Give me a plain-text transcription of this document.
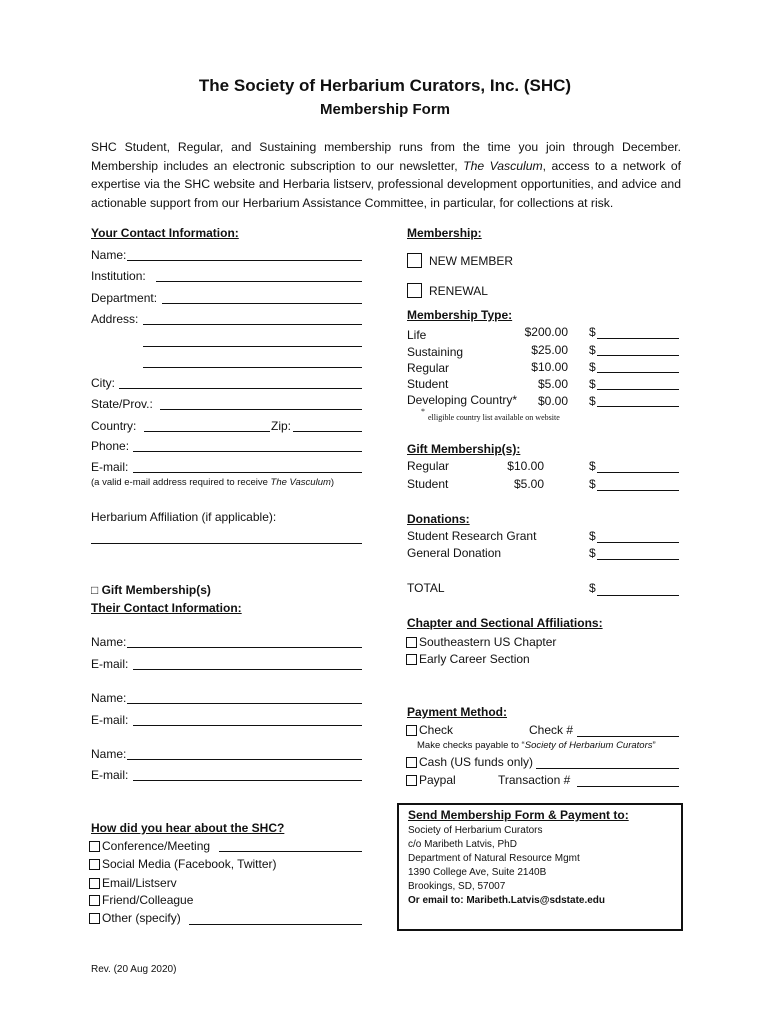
The Society of Herbarium Curators, Inc. (SHC)
Membership Form
SHC Student, Regular, and Sustaining membership runs from the time you join through December. Membership includes an electronic subscription to our newsletter, The Vasculum, access to a network of expertise via the SHC website and Herbaria listserv, professional development opportunities, and advice and actionable support from our Herbarium Assistance Committee, in particular, for collections at risk.
Your Contact Information:
Name:
Institution:
Department:
Address:
City:
State/Prov.:
Country:	Zip:
Phone:
E-mail:
(a valid e-mail address required to receive The Vasculum)
Herbarium Affiliation (if applicable):
□ Gift Membership(s)
Their Contact Information:
Name:
E-mail:
Name:
E-mail:
Name:
E-mail:
How did you hear about the SHC?
Conference/Meeting
Social Media (Facebook, Twitter)
Email/Listserv
Friend/Colleague
Other (specify)
Rev. (20 Aug 2020)
Membership:
NEW MEMBER
RENEWAL
Membership Type:
Life	$200.00 $
Sustaining	$25.00 $
Regular	$10.00 $
Student	$5.00 $
Developing Country*	$0.00 $
*
elligible country list available on website
Gift Membership(s):
Regular	$10.00	$
Student	$5.00	$
Donations:
Student Research Grant	$
General Donation	$
TOTAL	$
Chapter and Sectional Affiliations:
Southeastern US Chapter
Early Career Section
Payment Method:
Check	Check #
Make checks payable to “Society of Herbarium Curators”
Cash (US funds only)
Paypal	Transaction #
Send Membership Form & Payment to:
Society of Herbarium Curators
c/o Maribeth Latvis, PhD
Department of Natural Resource Mgmt
1390 College Ave, Suite 2140B
Brookings, SD, 57007
Or email to: Maribeth.Latvis@sdstate.edu
